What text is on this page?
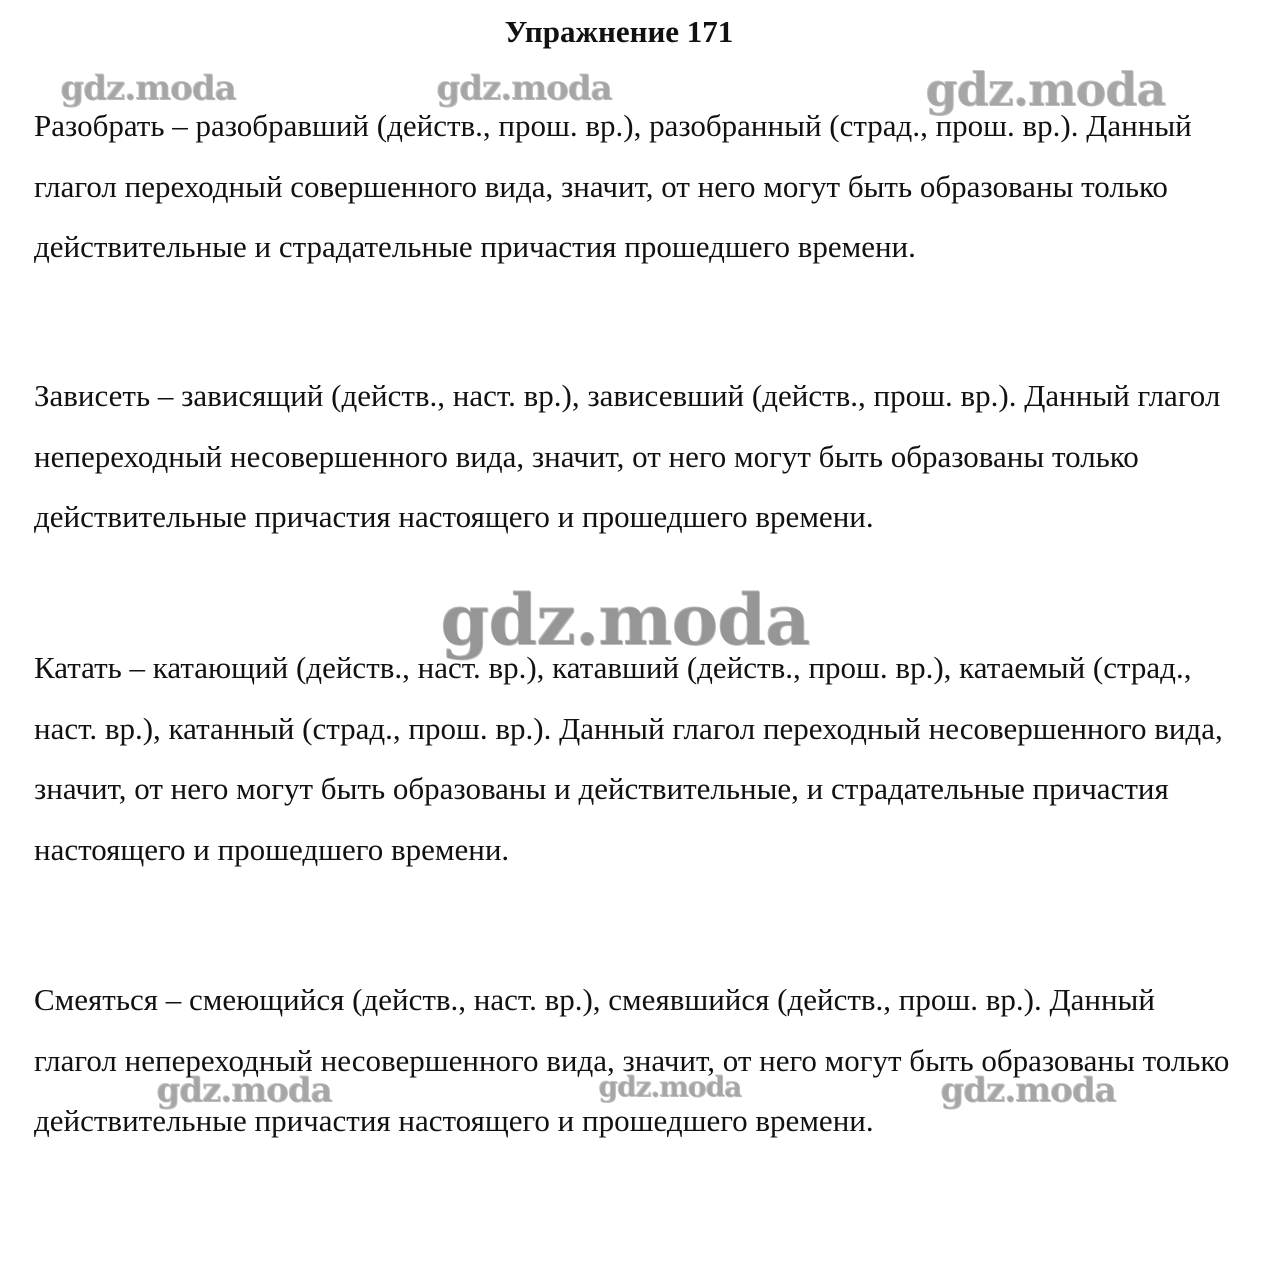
Упражнение 171

Разобрать – разобравший (действ., прош. вр.), разобранный (страд., прош. вр.). Данный глагол переходный совершенного вида, значит, от него могут быть образованы только действительные и страдательные причастия прошедшего времени.

Зависеть – зависящий (действ., наст. вр.), зависевший (действ., прош. вр.). Данный глагол непереходный несовершенного вида, значит, от него могут быть образованы только действительные причастия настоящего и прошедшего времени.

Катать – катающий (действ., наст. вр.), катавший (действ., прош. вр.), катаемый (страд., наст. вр.), катанный (страд., прош. вр.). Данный глагол переходный несовершенного вида, значит, от него могут быть образованы и действительные, и страдательные причастия настоящего и прошедшего времени.

Смеяться – смеющийся (действ., наст. вр.), смеявшийся (действ., прош. вр.). Данный глагол непереходный несовершенного вида, значит, от него могут быть образованы только действительные причастия настоящего и прошедшего времени.

gdz.moda	gdz.moda	gdz.moda
gdz.moda
gdz.moda	gdz.moda	gdz.moda
